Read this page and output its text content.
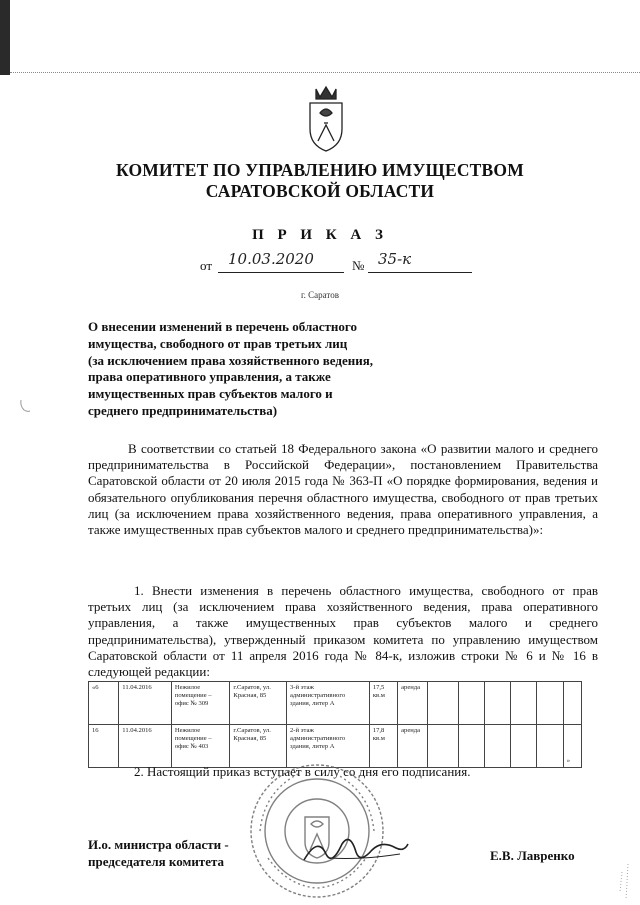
КОМИТЕТ ПО УПРАВЛЕНИЮ ИМУЩЕСТВОМ
САРАТОВСКОЙ ОБЛАСТИ
П Р И К А З
от 10.03.2020	№ 35-к
г. Саратов
О внесении изменений в перечень областного
имущества, свободного от прав третьих лиц
(за исключением права хозяйственного ведения,
права оперативного управления, а также
имущественных прав субъектов малого и
среднего предпринимательства)
В соответствии со статьей 18 Федерального закона «О развитии малого и среднего предпринимательства в Российской Федерации», постановлением Правительства Саратовской области от 20 июля 2015 года № 363-П «О порядке формирования, ведения и обязательного опубликования перечня областного имущества, свободного от прав третьих лиц (за исключением права хозяйственного ведения, права оперативного управления, а также имущественных прав субъектов малого и среднего предпринимательства)»:
1. Внести изменения в перечень областного имущества, свободного от прав третьих лиц (за исключением права хозяйственного ведения, права оперативного управления, а также имущественных прав субъектов малого и среднего предпринимательства), утвержденный приказом комитета по управлению имуществом Саратовской области от 11 апреля 2016 года № 84-к, изложив строки № 6 и № 16 в следующей редакции:
«6	11.04.2016	Нежилое помещение – офис № 309	г.Саратов, ул. Красная, 85	3-й этаж административного здания, литер А	17,5 кв.м	аренда						
16	11.04.2016	Нежилое помещение – офис № 403	г.Саратов, ул. Красная, 85	2-й этаж административного здания, литер А	17,8 кв.м	аренда						»
2. Настоящий приказ вступает в силу со дня его подписания.
И.о. министра области -
председателя комитета	Е.В. Лавренко
